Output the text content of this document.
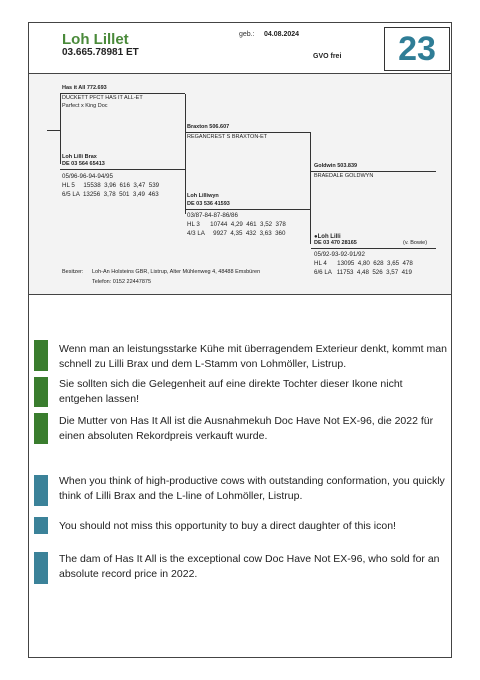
Loh Lillet
03.665.78981 ET
geb.: 04.08.2024
GVO frei	23
Has it All 772.693
DUCKETT PFCT HAS IT ALL-ET
Parfect x King Doc
Loh Lilli Brax
DE 03 564 65413
05/96-96-94-94/95
HL 5     15538  3,96  616  3,47  539
6/5 LA  13256  3,78  501  3,49  463
Braxton 506.607
REGANCREST S BRAXTON-ET
Loh Lilliwyn
DE 03 536 41593
03/87-84-87-86/86
HL 3      10744  4,29  461  3,52  378
4/3 LA     9927  4,35  432  3,63  360
Goldwin 503.839
BRAEDALE GOLDWYN
●Loh Lilli
DE 03 470 28165	(v. Bowie)
05/92-93-92-91/92
HL 4      13095  4,80  628  3,65  478
6/6 LA   11753  4,48  526  3,57  419
Besitzer: Loh-An Holsteins GBR, Listrup, Alter Mühlenweg 4, 48488 Emsbüren
Telefon: 0152 22447875
Wenn man an leistungsstarke Kühe mit überragendem Exterieur denkt, kommt man schnell zu Lilli Brax und dem L-Stamm von Lohmöller, Listrup.
Sie sollten sich die Gelegenheit auf eine direkte Tochter dieser Ikone nicht entgehen lassen!
Die Mutter von Has It All ist die Ausnahmekuh Doc Have Not EX-96, die 2022 für einen absoluten Rekordpreis verkauft wurde.
When you think of high-productive cows with outstanding conformation, you quickly think of Lilli Brax and the L-line of Lohmöller, Listrup.
You should not miss this opportunity to buy a direct daughter of this icon!
The dam of Has It All is the exceptional cow Doc Have Not EX-96, who sold for an absolute record price in 2022.
